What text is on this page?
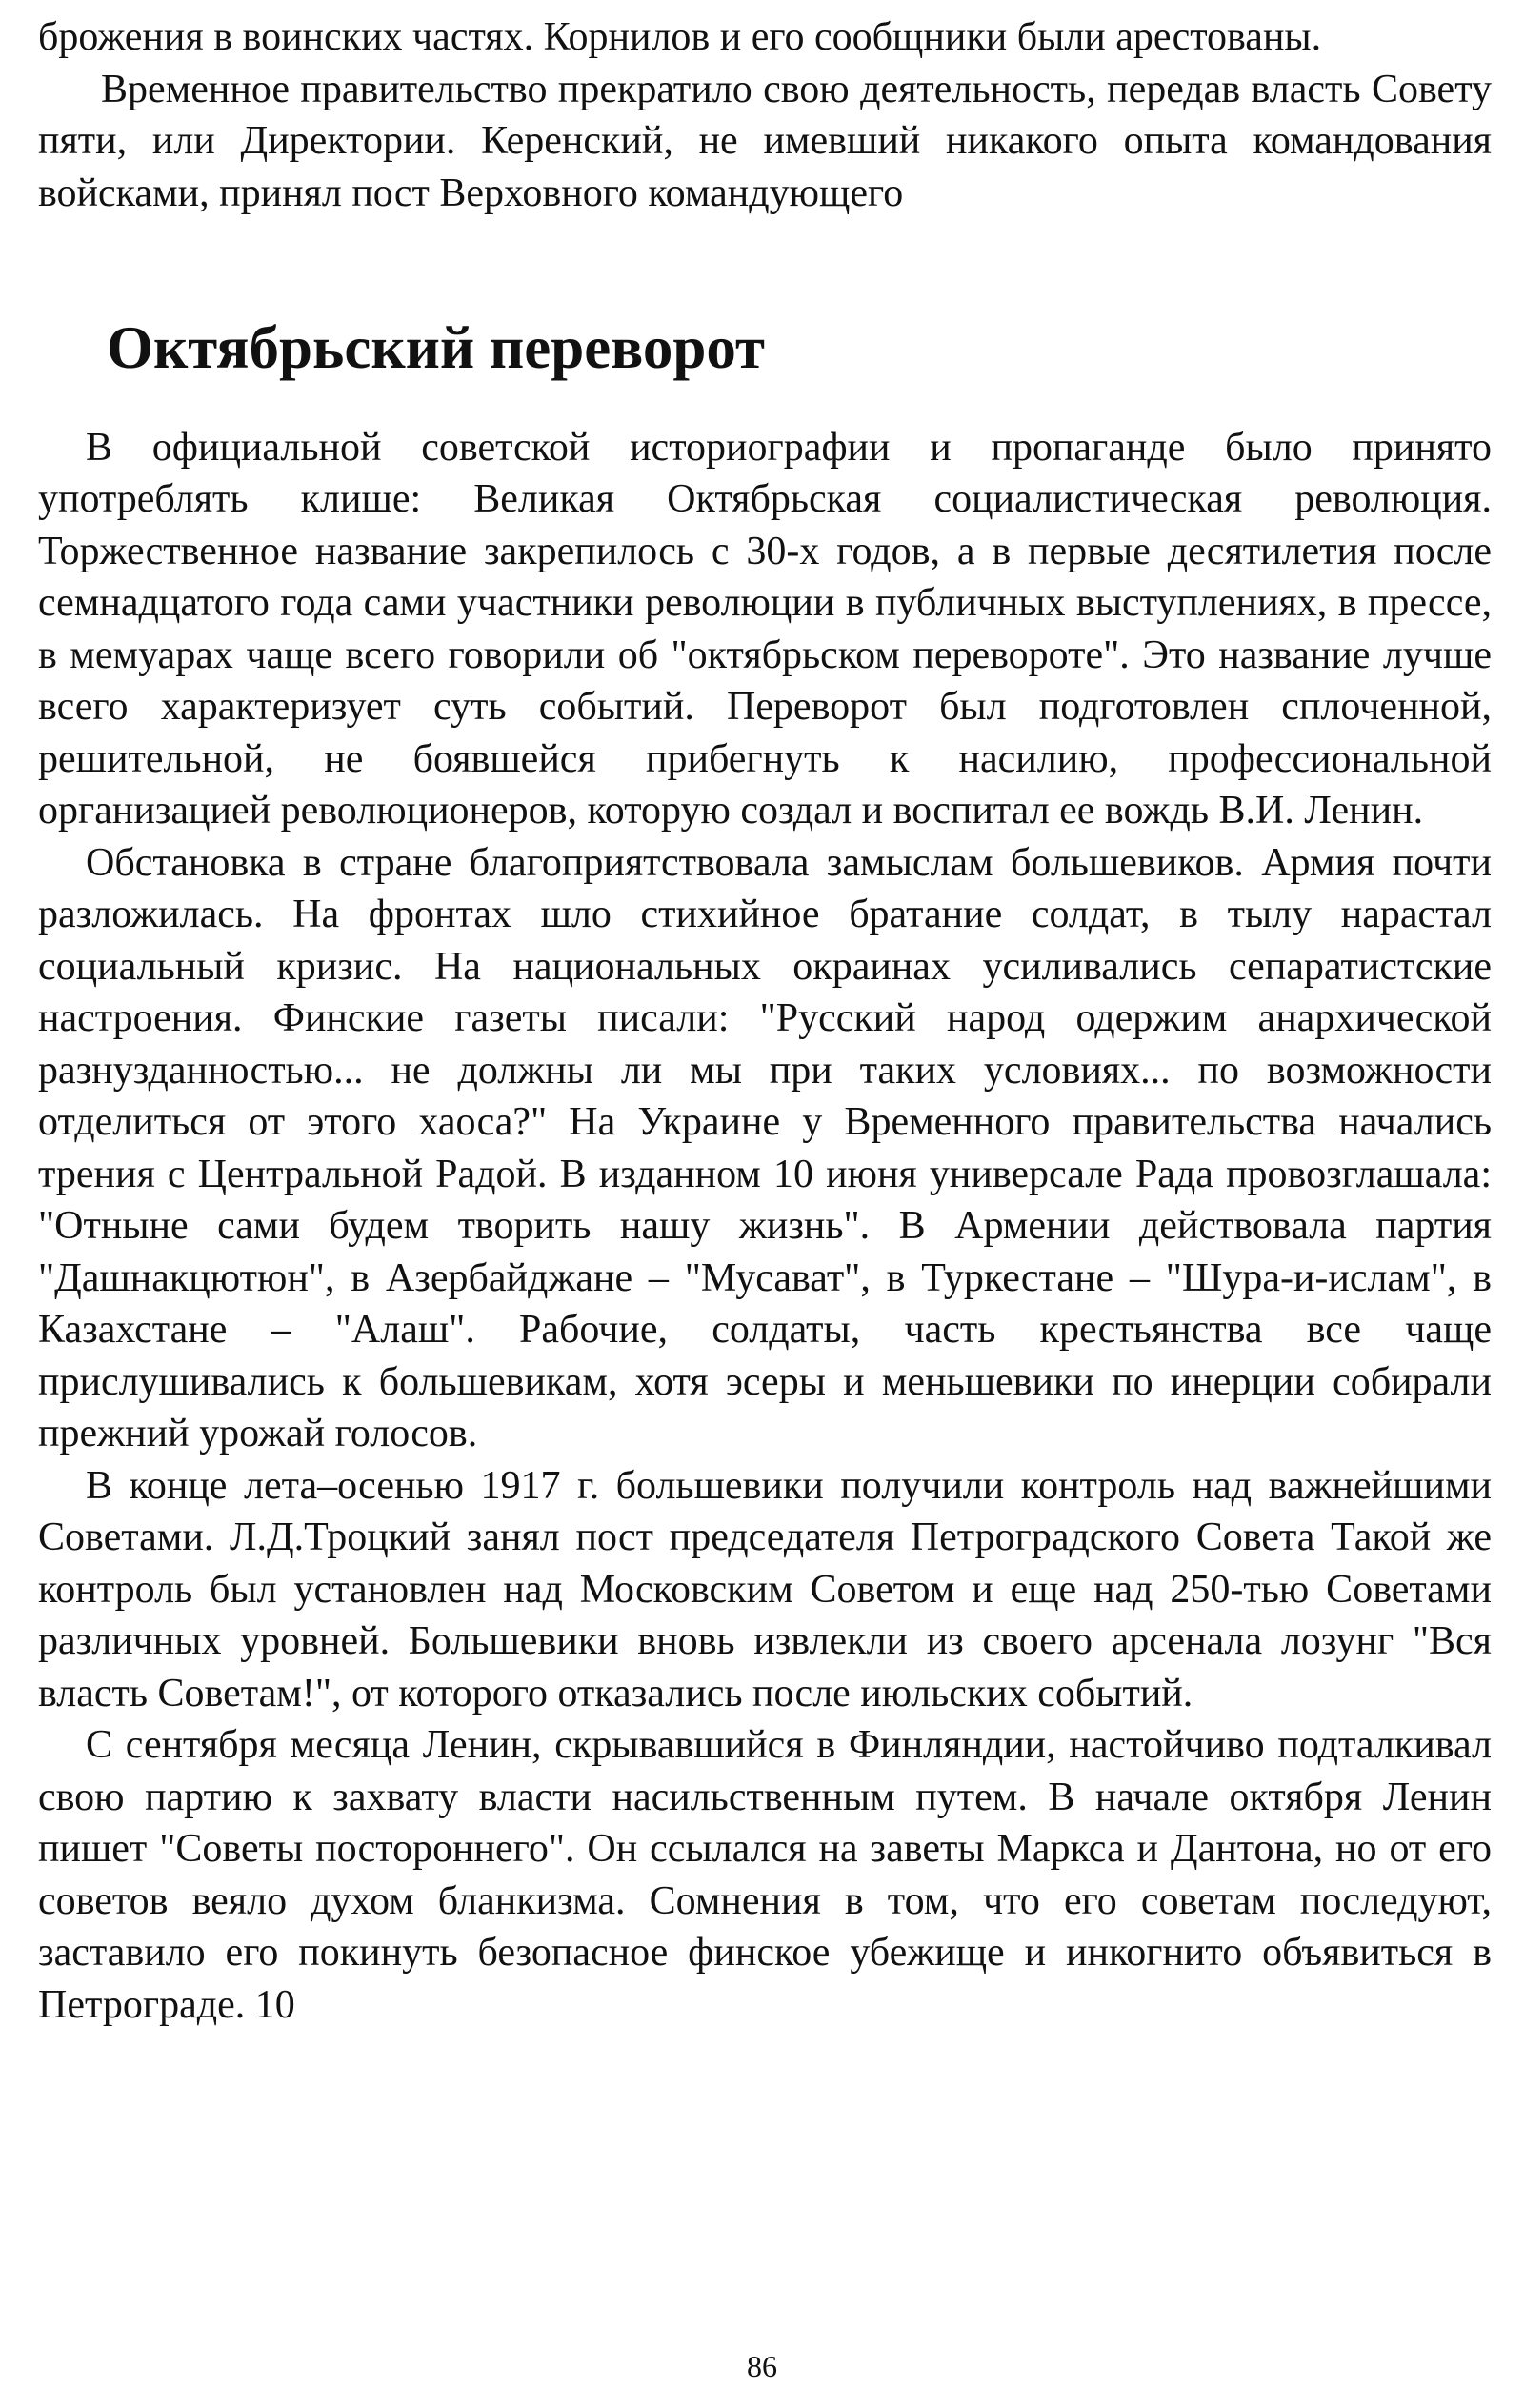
брожения в воинских частях. Корнилов и его сообщники были арестованы.

Временное правительство прекратило свою деятельность, передав власть Совету пяти, или Директории. Керенский, не имевший никакого опыта командования войсками, принял пост Верховного командующего

Октябрьский переворот

В официальной советской историографии и пропаганде было принято употреблять клише: Великая Октябрьская социалистическая революция. Торжественное название закрепилось с 30-х годов, а в первые десятилетия после семнадцатого года сами участники революции в публичных выступлениях, в прессе, в мемуарах чаще всего говорили об "октябрьском перевороте". Это название лучше всего характеризует суть событий. Переворот был подготовлен сплоченной, решительной, не боявшейся прибегнуть к насилию, профессиональной организацией революционеров, которую создал и воспитал ее вождь В.И. Ленин.

Обстановка в стране благоприятствовала замыслам большевиков. Армия почти разложилась. На фронтах шло стихийное братание солдат, в тылу нарастал социальный кризис. На национальных окраинах усиливались сепаратистские настроения. Финские газеты писали: "Русский народ одержим анархической разнузданностью... не должны ли мы при таких условиях... по возможности отделиться от этого хаоса?" На Украине у Временного правительства начались трения с Центральной Радой. В изданном 10 июня универсале Рада провозглашала: "Отныне сами будем творить нашу жизнь". В Армении действовала партия "Дашнакцютюн", в Азербайджане – "Мусават", в Туркестане – "Шура-и-ислам", в Казахстане – "Алаш". Рабочие, солдаты, часть крестьянства все чаще прислушивались к большевикам, хотя эсеры и меньшевики по инерции собирали прежний урожай голосов.

В конце лета–осенью 1917 г. большевики получили контроль над важнейшими Советами. Л.Д.Троцкий занял пост председателя Петроградского Совета Такой же контроль был установлен над Московским Советом и еще над 250-тью Советами различных уровней. Большевики вновь извлекли из своего арсенала лозунг "Вся власть Советам!", от которого отказались после июльских событий.

С сентября месяца Ленин, скрывавшийся в Финляндии, настойчиво подталкивал свою партию к захвату власти насильственным путем. В начале октября Ленин пишет "Советы постороннего". Он ссылался на заветы Маркса и Дантона, но от его советов веяло духом бланкизма. Сомнения в том, что его советам последуют, заставило его покинуть безопасное финское убежище и инкогнито объявиться в Петрограде. 10

86
